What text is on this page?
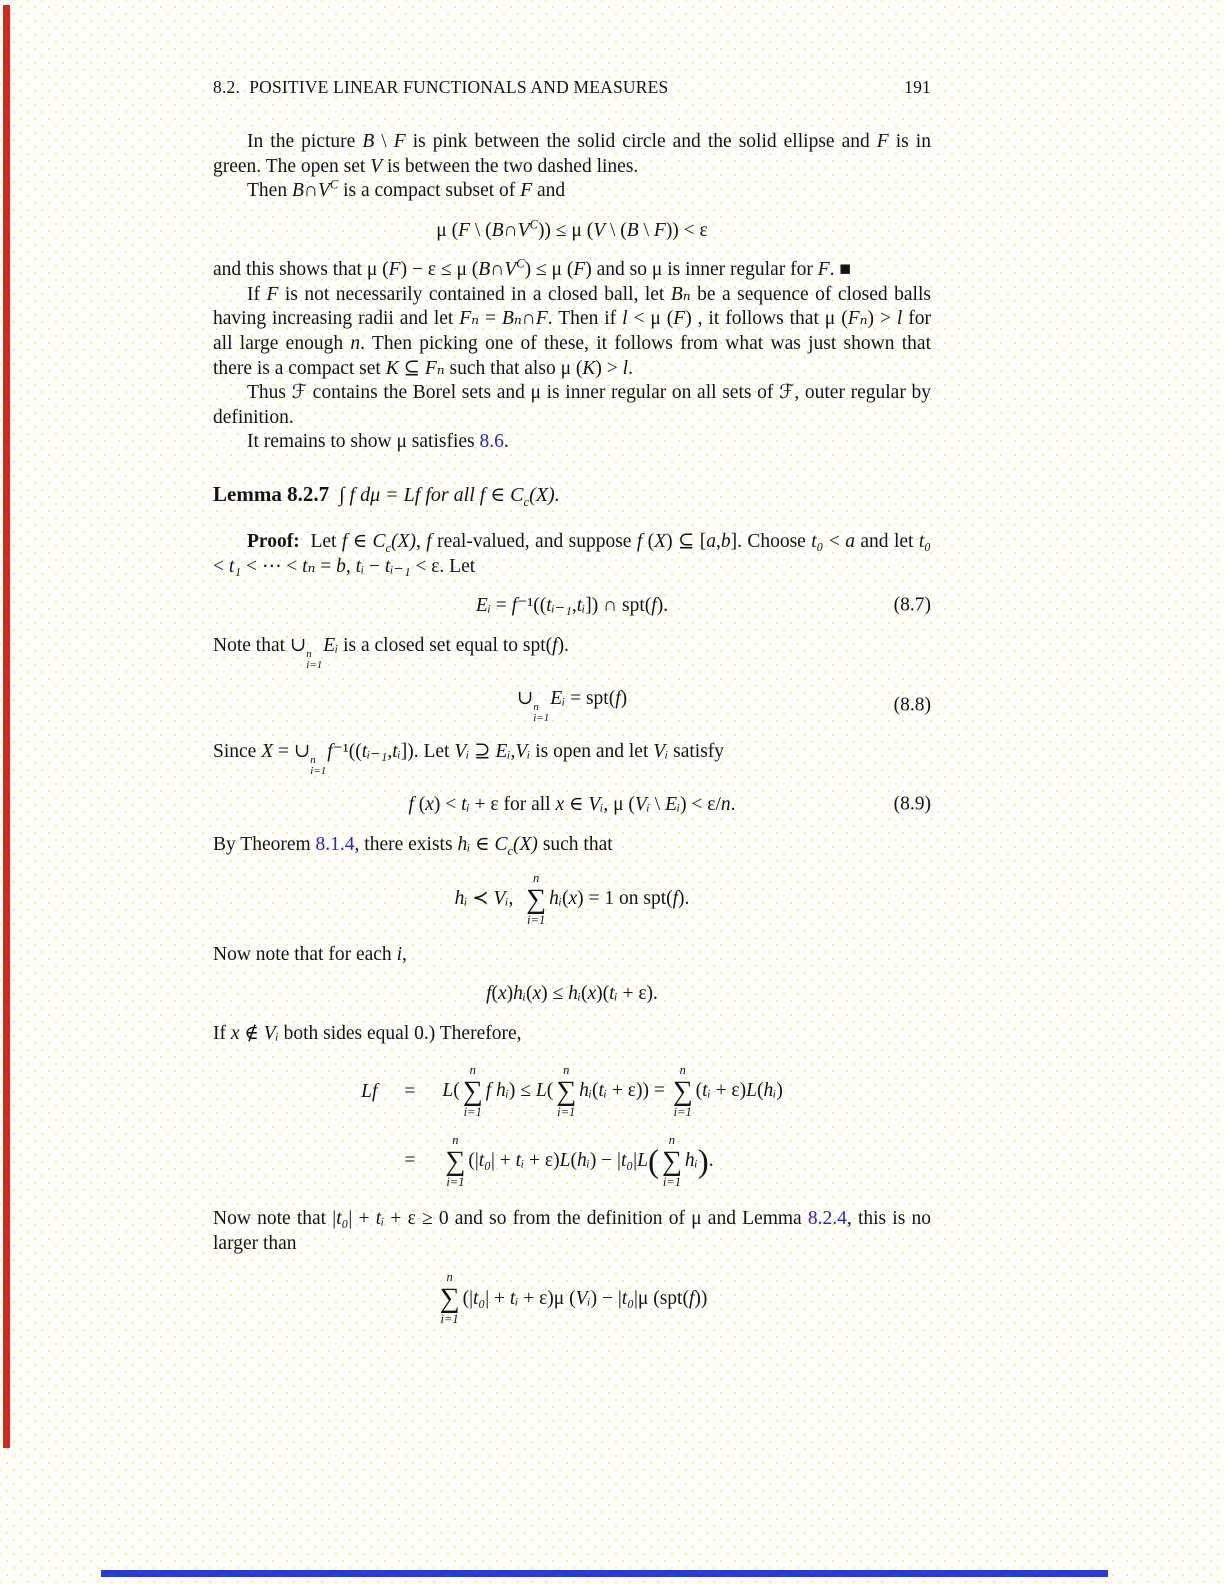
8.2.  POSITIVE LINEAR FUNCTIONALS AND MEASURES	191

In the picture B \ F is pink between the solid circle and the solid ellipse and F is in green. The open set V is between the two dashed lines.

Then $B\cap V^C$ is a compact subset of F and

μ (F \ $(B\cap V^C)) \le \mu$ (V \ (B \ F)) < ε

and this shows that μ (F) − ε ≤ μ $(B\cap V^C) \le \mu$ (F) and so μ is inner regular for F. ■

If F is not necessarily contained in a closed ball, let Bₙ be a sequence of closed balls having increasing radii and let Fₙ = Bₙ∩F. Then if l < μ (F) , it follows that μ (Fₙ) > l for all large enough n. Then picking one of these, it follows from what was just shown that there is a compact set K ⊆ Fₙ such that also μ (K) > l.

Thus ℱ contains the Borel sets and μ is inner regular on all sets of ℱ, outer regular by definition.

It remains to show μ satisfies 8.6.

Lemma 8.2.7 ∫ f dμ = Lf for all f ∈ $C_c(X)$.

Proof:  Let f ∈ $C_c(X)$, f real-valued, and suppose f (X) ⊆ [a,b]. Choose t₀ < a and let t₀ < t₁ < ⋯ < tₙ = b, tᵢ − tᵢ₋₁ < ε. Let

Eᵢ = f⁻¹((tᵢ₋₁,tᵢ]) ∩ spt(f).	(8.7)

Note that ∪ n
i=1
Eᵢ is a closed set equal to spt(f).

∪ n
i=1
Eᵢ = spt(f)	(8.8)

Since X = ∪ n
i=1
f⁻¹((tᵢ₋₁,tᵢ]). Let Vᵢ ⊇ Eᵢ,Vᵢ is open and let Vᵢ satisfy

f (x) < tᵢ + ε for all x ∈ Vᵢ, μ (Vᵢ \ Eᵢ) < ε/n.	(8.9)

By Theorem 8.1.4, there exists hᵢ ∈ $C_c(X)$ such that

hᵢ ≺ Vᵢ,
n
∑
i=1
hᵢ(x) = 1 on spt(f).

Now note that for each i,

f(x)hᵢ(x) ≤ hᵢ(x)(tᵢ + ε).

If x ∉ Vᵢ both sides equal 0.) Therefore,

Lf	=	L(
n
∑
i=1
f hᵢ) ≤ L(
n
∑
i=1
hᵢ(tᵢ + ε)) =
n
∑
i=1
(tᵢ + ε)L(hᵢ)
=
n
∑
i=1
(|t₀| + tᵢ + ε)L(hᵢ) − |t₀|L(
n
∑
i=1
hᵢ).

Now note that |t₀| + tᵢ + ε ≥ 0 and so from the definition of μ and Lemma 8.2.4, this is no larger than

n
∑
i=1
(|t₀| + tᵢ + ε)μ (Vᵢ) − |t₀|μ (spt(f))
